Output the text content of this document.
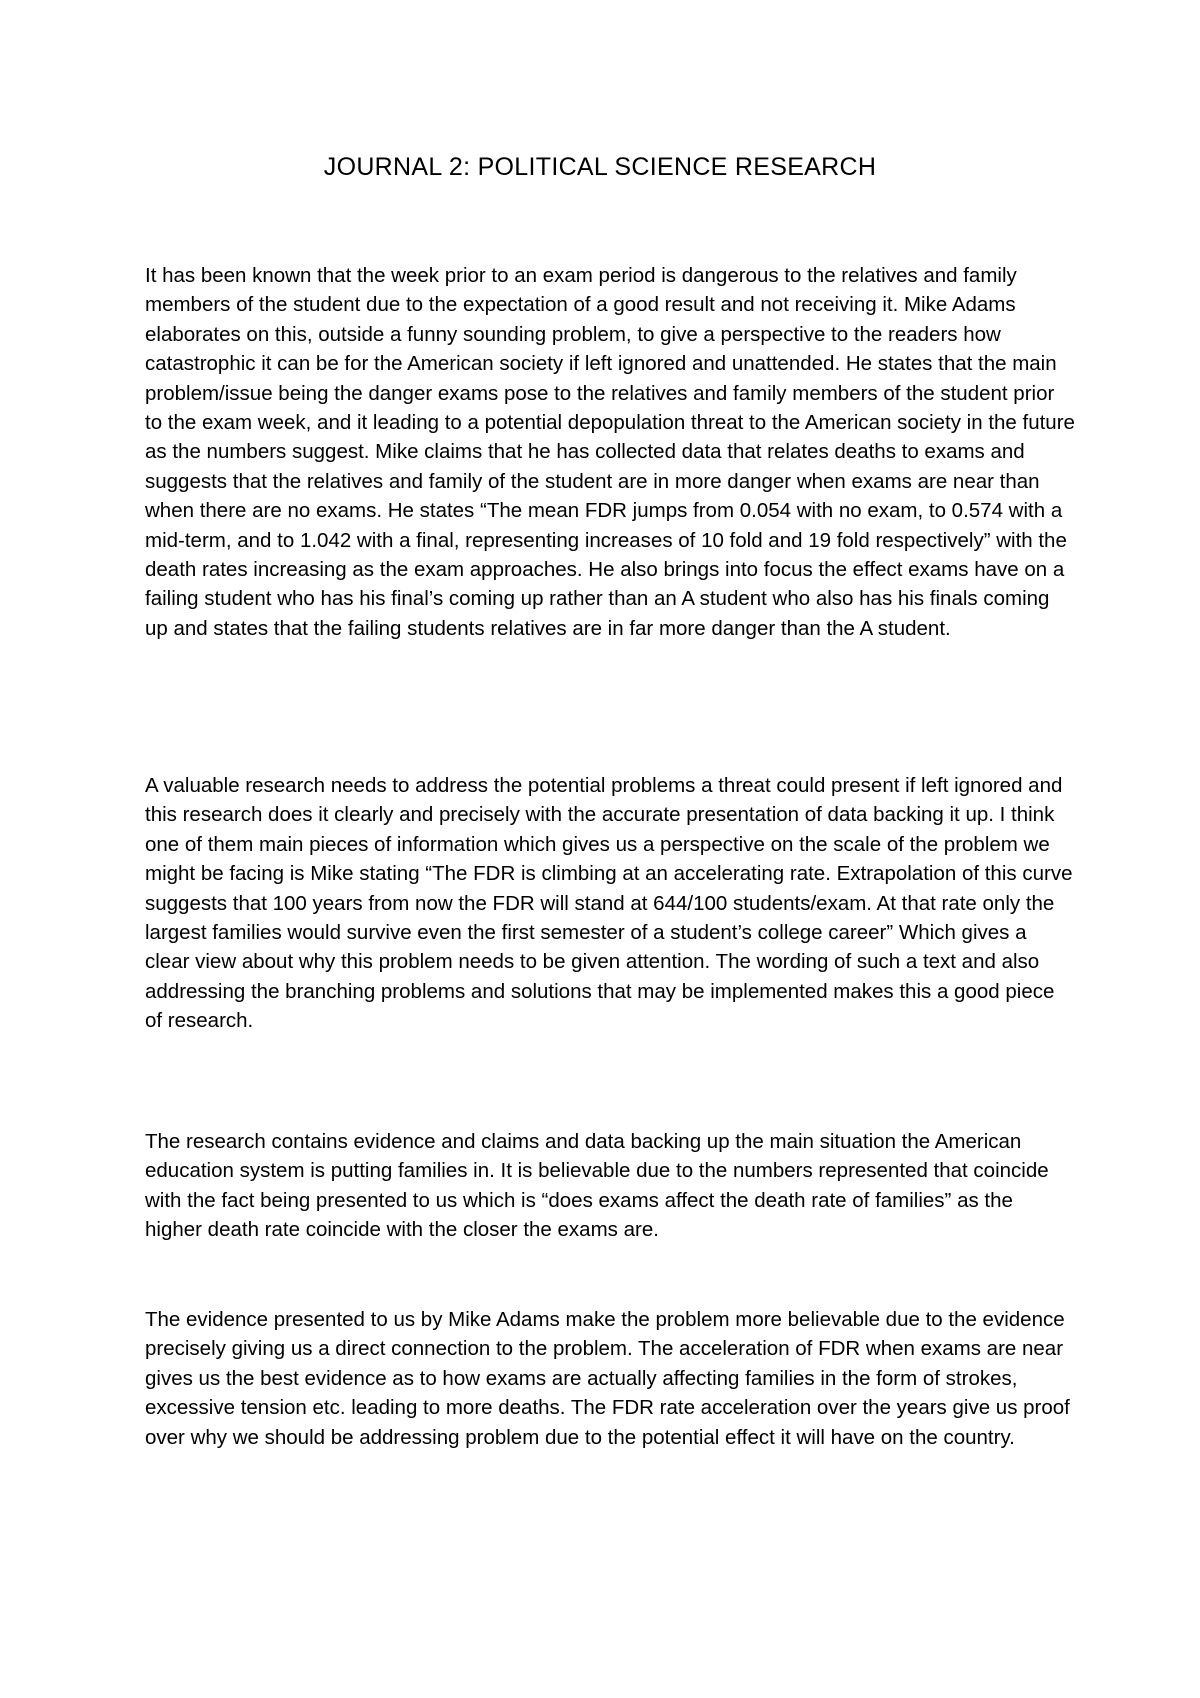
JOURNAL 2: POLITICAL SCIENCE RESEARCH

It has been known that the week prior to an exam period is dangerous to the relatives and family members of the student due to the expectation of a good result and not receiving it. Mike Adams elaborates on this, outside a funny sounding problem, to give a perspective to the readers how catastrophic it can be for the American society if left ignored and unattended. He states that the main problem/issue being the danger exams pose to the relatives and family members of the student prior to the exam week, and it leading to a potential depopulation threat to the American society in the future as the numbers suggest. Mike claims that he has collected data that relates deaths to exams and suggests that the relatives and family of the student are in more danger when exams are near than when there are no exams. He states “The mean FDR jumps from 0.054 with no exam, to 0.574 with a mid-term, and to 1.042 with a final, representing increases of 10 fold and 19 fold respectively” with the death rates increasing as the exam approaches. He also brings into focus the effect exams have on a failing student who has his final’s coming up rather than an A student who also has his finals coming up and states that the failing students relatives are in far more danger than the A student.

A valuable research needs to address the potential problems a threat could present if left ignored and this research does it clearly and precisely with the accurate presentation of data backing it up. I think one of them main pieces of information which gives us a perspective on the scale of the problem we might be facing is Mike stating “The FDR is climbing at an accelerating rate. Extrapolation of this curve suggests that 100 years from now the FDR will stand at 644/100 students/exam. At that rate only the largest families would survive even the first semester of a student’s college career” Which gives a clear view about why this problem needs to be given attention. The wording of such a text and also addressing the branching problems and solutions that may be implemented makes this a good piece of research.

The research contains evidence and claims and data backing up the main situation the American education system is putting families in. It is believable due to the numbers represented that coincide with the fact being presented to us which is “does exams affect the death rate of families” as the higher death rate coincide with the closer the exams are.

The evidence presented to us by Mike Adams make the problem more believable due to the evidence precisely giving us a direct connection to the problem. The acceleration of FDR when exams are near gives us the best evidence as to how exams are actually affecting families in the form of strokes, excessive tension etc. leading to more deaths. The FDR rate acceleration over the years give us proof over why we should be addressing problem due to the potential effect it will have on the country.
